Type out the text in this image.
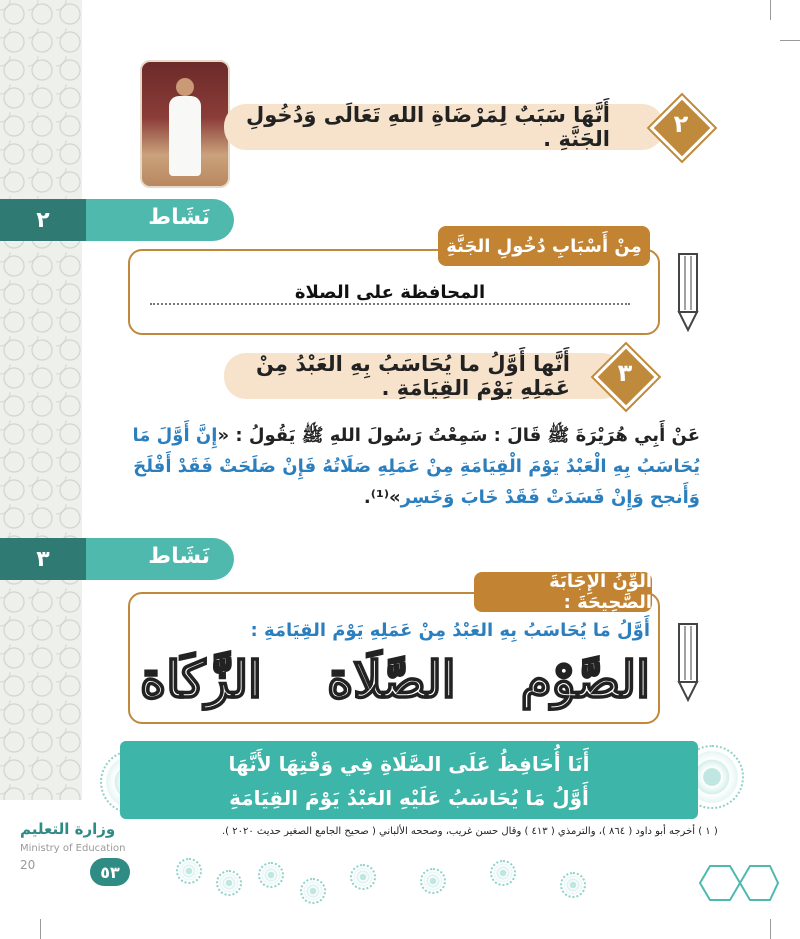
أَنَّهَا سَبَبٌ لِمَرْضَاةِ اللهِ تَعَالَى وَدُخُولِ الجَنَّةِ .
٢
٢	نَشَاط
مِنْ أَسْبَابِ دُخُولِ الجَنَّةِ
المحافظة على الصلاة
أَنَّها أَوَّلُ ما يُحَاسَبُ بِهِ العَبْدُ مِنْ عَمَلِهِ يَوْمَ القِيَامَةِ .
٣
عَنْ أَبِي هُرَيْرَةَ ﷺ قَالَ : سَمِعْتُ رَسُولَ اللهِ ﷺ يَقُولُ : «إِنَّ أَوَّلَ مَا
يُحَاسَبُ بِهِ الْعَبْدُ يَوْمَ الْقِيَامَةِ مِنْ عَمَلِهِ صَلَاتُهُ فَإِنْ صَلَحَتْ فَقَدْ أَفْلَحَ
وَأَنجح وَإِنْ فَسَدَتْ فَقَدْ خَابَ وَخَسِر»⁽¹⁾.
٣	نَشَاط
أُلَوِّنُ الإِجَابَةَ الصَّحِيحَةَ :
أَوَّلُ مَا يُحَاسَبُ بِهِ العَبْدُ مِنْ عَمَلِهِ يَوْمَ القِيَامَةِ :
الصَّوْم
الصَّلَاة
الزَّكَاة
أَنَا أُحَافِظُ عَلَى الصَّلَاةِ فِي وَقْتِهَا لأَنَّهَا
أَوَّلُ مَا يُحَاسَبُ عَلَيْهِ العَبْدُ يَوْمَ القِيَامَةِ
( ١ ) أخرجه أبو داود ( ٨٦٤ )، والترمذي ( ٤١٣ ) وقال حسن غريب، وصححه الألباني ( صحيح الجامع الصغير حديث ٢٠٢٠ ).
وزارة التعليم
Ministry of Education
20	٥٣
